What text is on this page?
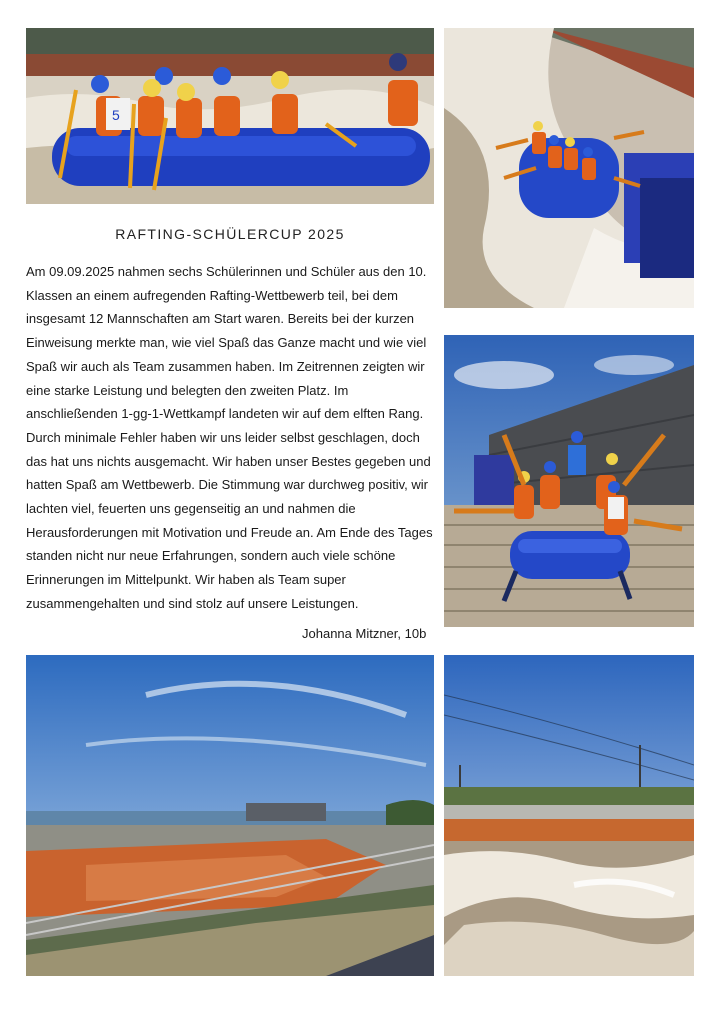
5
RAFTING-SCHÜLERCUP 2025

Am 09.09.2025 nahmen sechs Schülerinnen und Schüler aus den 10. Klassen an einem aufregenden Rafting-Wettbewerb teil, bei dem insgesamt 12 Mannschaften am Start waren. Bereits bei der kurzen Einweisung merkte man, wie viel Spaß das Ganze macht und wie viel Spaß wir auch als Team zusammen haben. Im Zeitrennen zeigten wir eine starke Leistung und belegten den zweiten Platz. Im anschließenden 1-gg-1-Wettkampf landeten wir auf dem elften Rang. Durch minimale Fehler haben wir uns leider selbst geschlagen, doch das hat uns nichts ausgemacht. Wir haben unser Bestes gegeben und hatten Spaß am Wettbewerb. Die Stimmung war durchweg positiv, wir lachten viel, feuerten uns gegenseitig an und nahmen die Herausforderungen mit Motivation und Freude an. Am Ende des Tages standen nicht nur neue Erfahrungen, sondern auch viele schöne Erinnerungen im Mittelpunkt. Wir haben als Team super zusammengehalten und sind stolz auf unsere Leistungen.

Johanna Mitzner, 10b
